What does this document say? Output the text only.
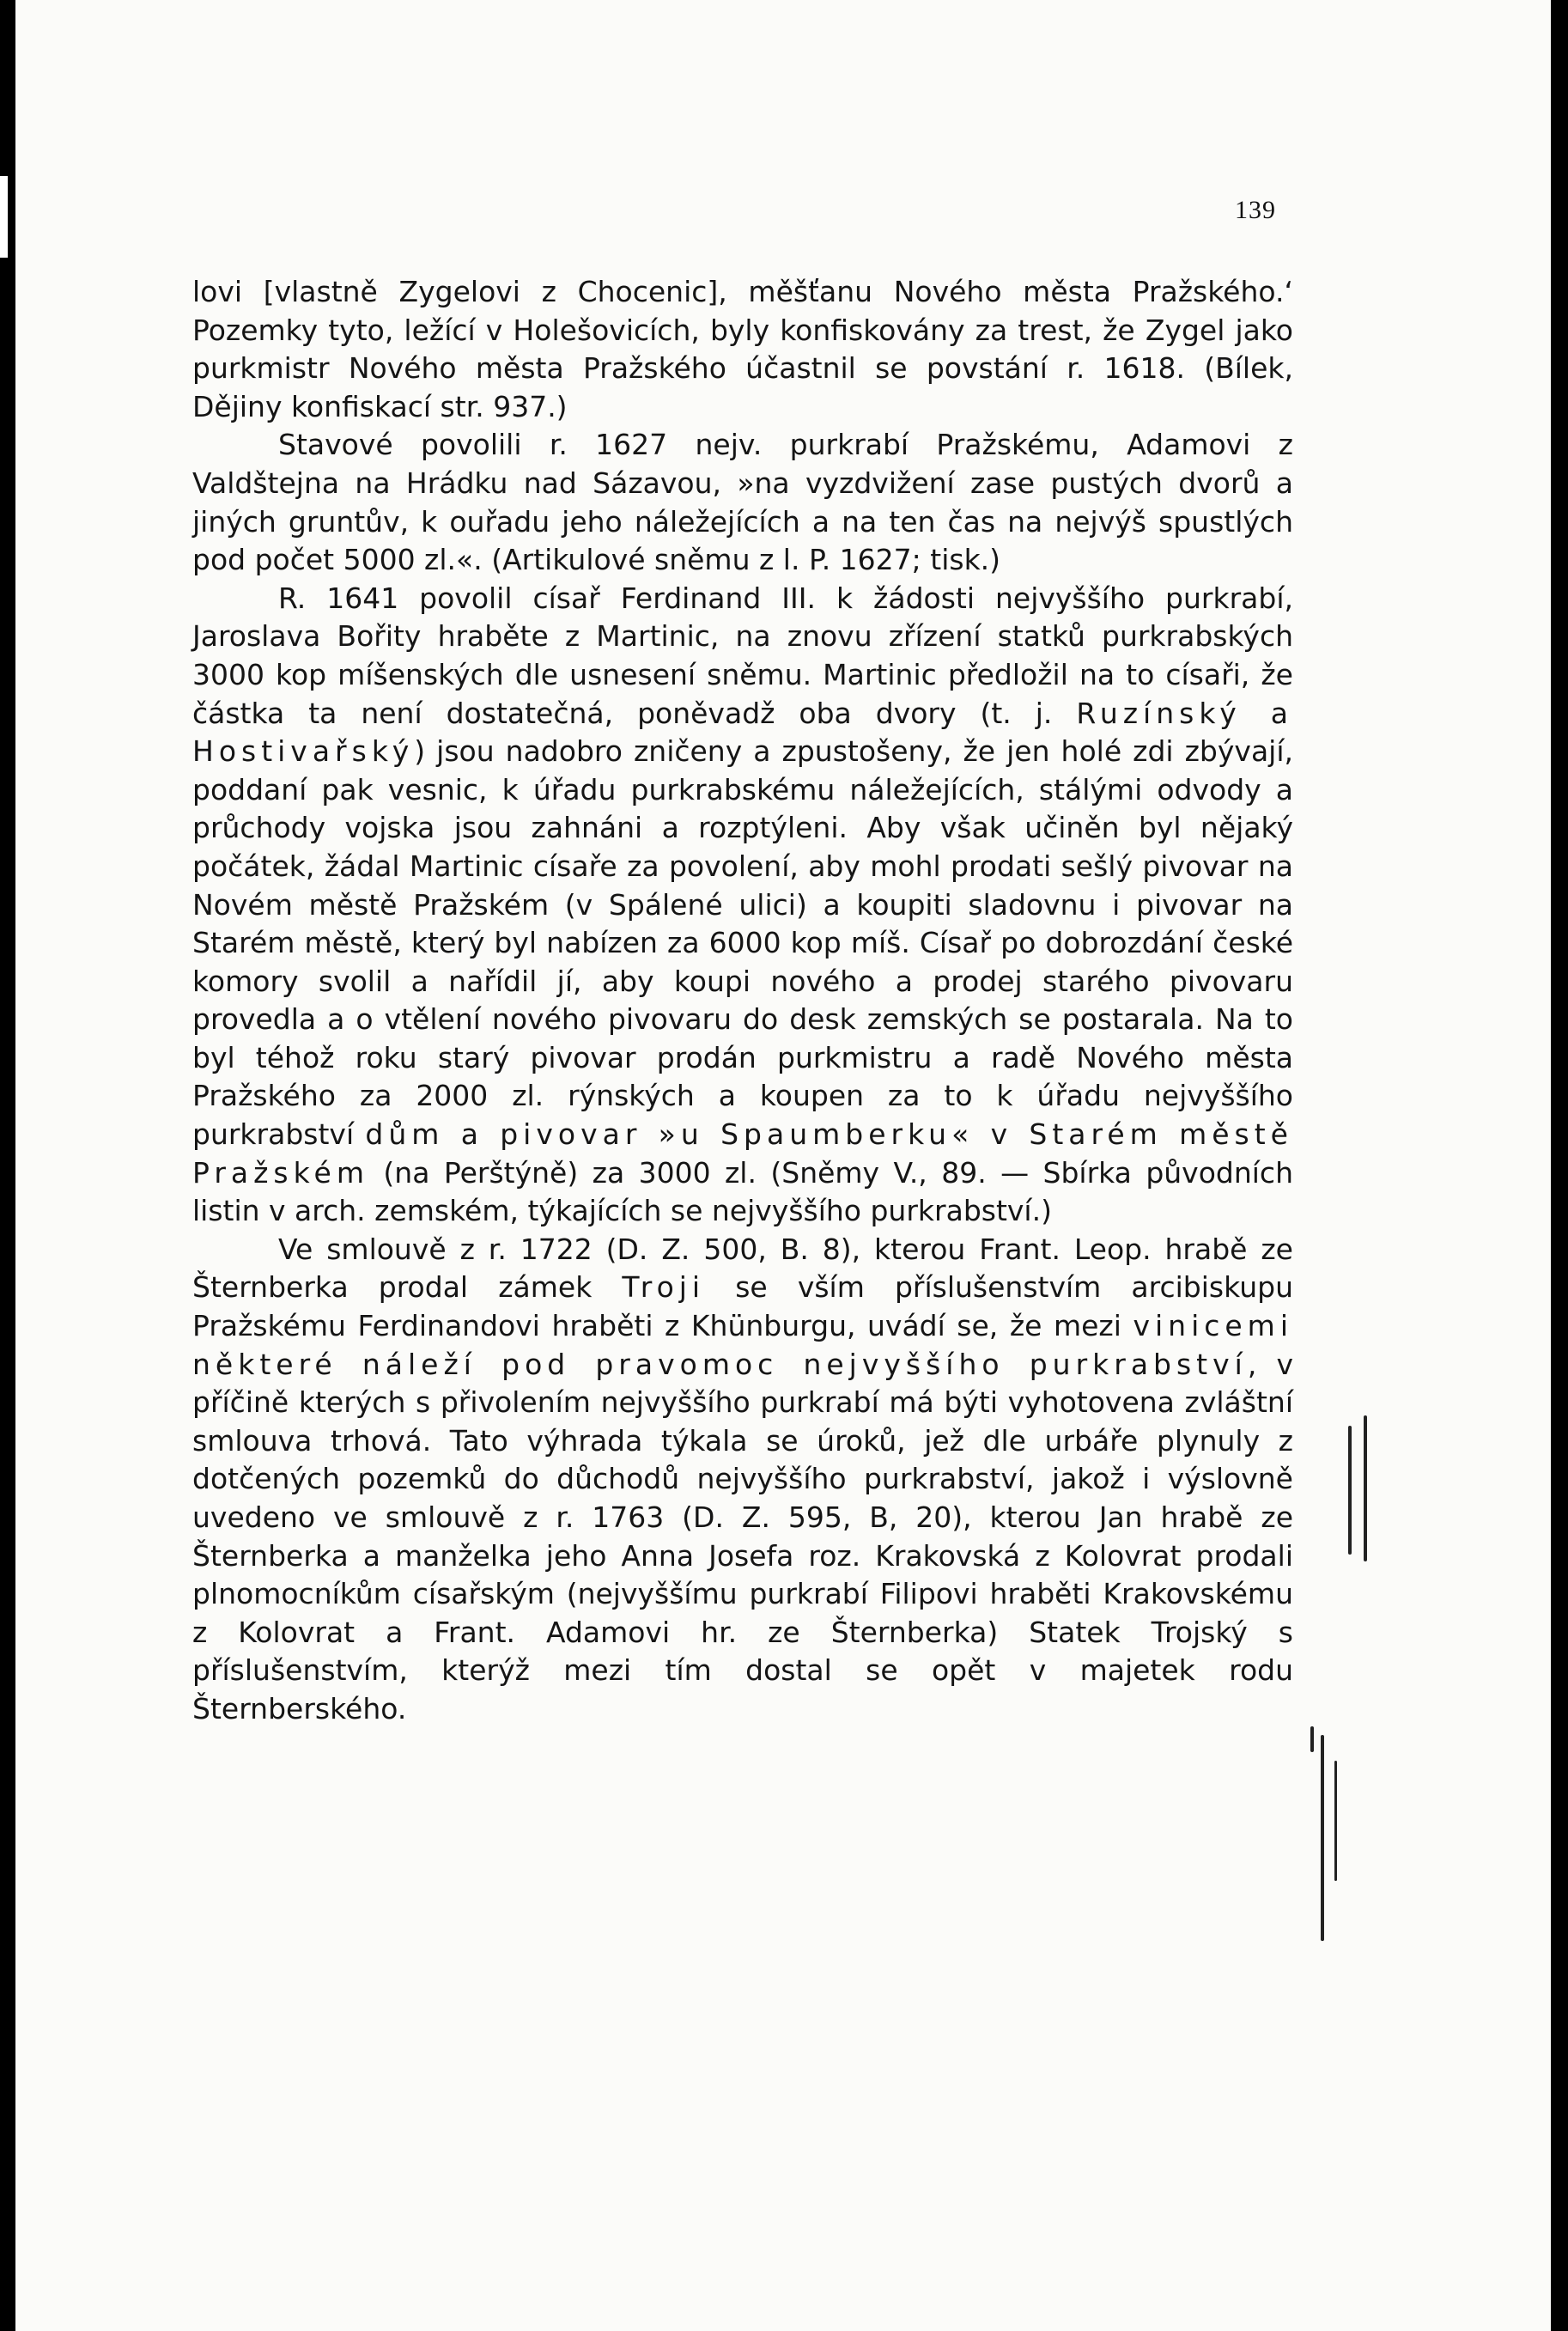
139

lovi [vlastně Zygelovi z Chocenic], měšťanu Nového města Pražského.‘ Pozemky tyto, ležící v Holešovicích, byly konfiskovány za trest, že Zygel jako purkmistr Nového města Pražského účastnil se povstání r. 1618. (Bílek, Dějiny konfiskací str. 937.)

Stavové povolili r. 1627 nejv. purkrabí Pražskému, Adamovi z Valdštejna na Hrádku nad Sázavou, »na vyzdvižení zase pustých dvorů a jiných gruntův, k ouřadu jeho náležejících a na ten čas na nejvýš spustlých pod počet 5000 zl.«. (Artikulové sněmu z l. P. 1627; tisk.)

R. 1641 povolil císař Ferdinand III. k žádosti nejvyššího purkrabí, Jaroslava Bořity hraběte z Martinic, na znovu zřízení statků purkrabských 3000 kop míšenských dle usnesení sněmu. Martinic předložil na to císaři, že částka ta není dostatečná, poněvadž oba dvory (t. j. Ruzínský a Hostivařský) jsou nadobro zničeny a zpustošeny, že jen holé zdi zbývají, poddaní pak vesnic, k úřadu purkrabskému náležejících, stálými odvody a průchody vojska jsou zahnáni a rozptýleni. Aby však učiněn byl nějaký počátek, žádal Martinic císaře za povolení, aby mohl prodati sešlý pivovar na Novém městě Pražském (v Spálené ulici) a koupiti sladovnu i pivovar na Starém městě, který byl nabízen za 6000 kop míš. Císař po dobrozdání české komory svolil a nařídil jí, aby koupi nového a prodej starého pivovaru provedla a o vtělení nového pivovaru do desk zemských se postarala. Na to byl téhož roku starý pivovar prodán purkmistru a radě Nového města Pražského za 2000 zl. rýnských a koupen za to k úřadu nejvyššího purkrabství dům a pivovar »u Spaumberku« v Starém městě Pražském (na Perštýně) za 3000 zl. (Sněmy V., 89. — Sbírka původních listin v arch. zemském, týkajících se nejvyššího purkrabství.)

Ve smlouvě z r. 1722 (D. Z. 500, B. 8), kterou Frant. Leop. hrabě ze Šternberka prodal zámek Troji se vším příslušenstvím arcibiskupu Pražskému Ferdinandovi hraběti z Khünburgu, uvádí se, že mezi vinicemi některé náleží pod pravomoc nejvyššího purkrabství, v příčině kterých s přivolením nejvyššího purkrabí má býti vyhotovena zvláštní smlouva trhová. Tato výhrada týkala se úroků, jež dle urbáře plynuly z dotčených pozemků do důchodů nejvyššího purkrabství, jakož i výslovně uvedeno ve smlouvě z r. 1763 (D. Z. 595, B, 20), kterou Jan hrabě ze Šternberka a manželka jeho Anna Josefa roz. Krakovská z Kolovrat prodali plnomocníkům císařským (nejvyššímu purkrabí Filipovi hraběti Krakovskému z Kolovrat a Frant. Adamovi hr. ze Šternberka) Statek Trojský s příslušenstvím, kterýž mezi tím dostal se opět v majetek rodu Šternberského.
